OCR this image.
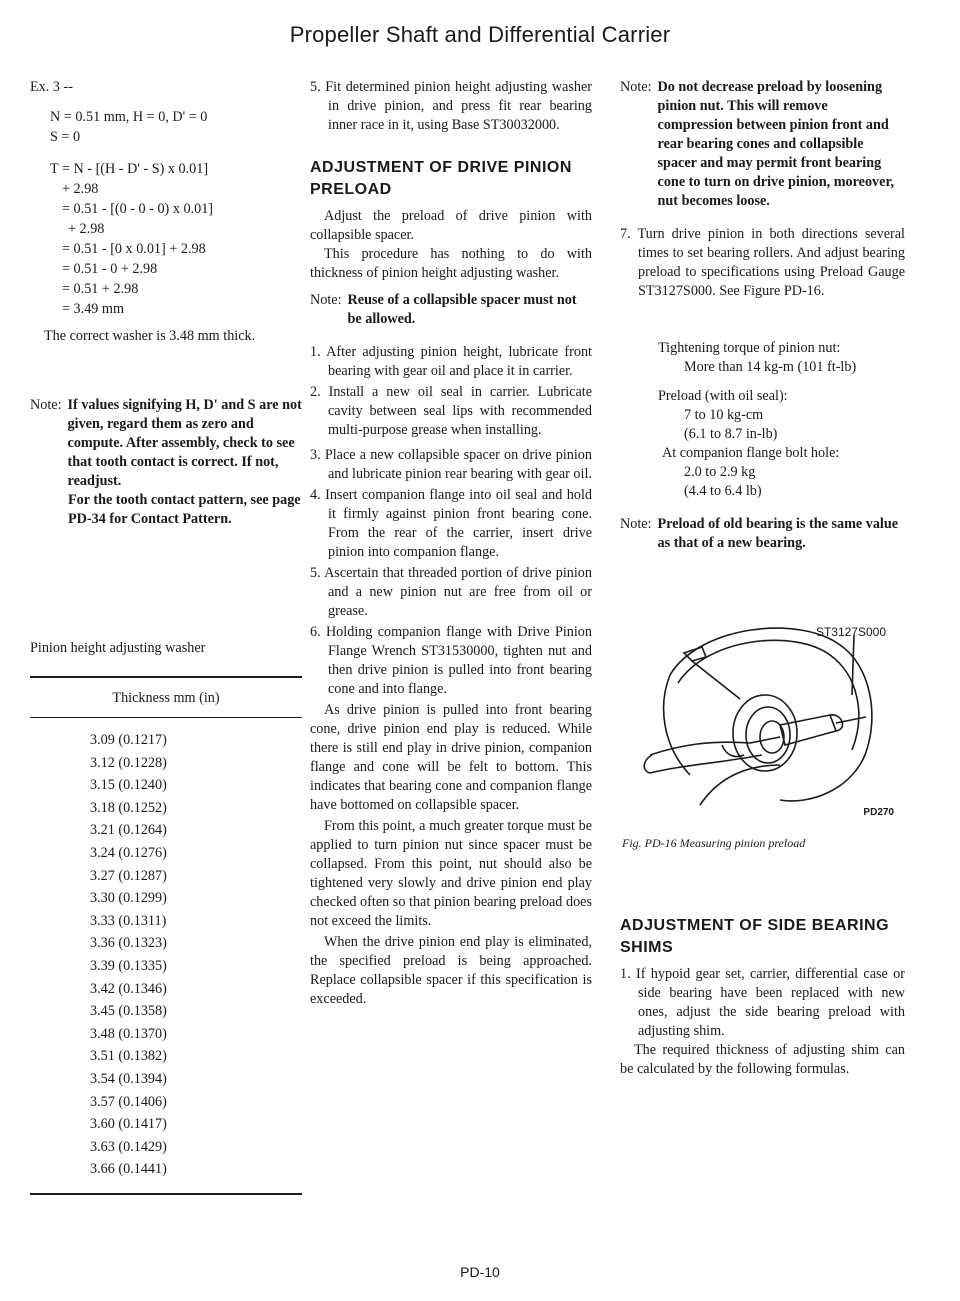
Propeller Shaft and Differential Carrier

Ex. 3 --

N = 0.51 mm, H = 0, D' = 0
S = 0
T = N - [(H - D' - S) x 0.01]
+ 2.98
= 0.51 - [(0 - 0 - 0) x 0.01]
+ 2.98
= 0.51 - [0 x 0.01] + 2.98
= 0.51 - 0 + 2.98
= 0.51 + 2.98
= 3.49 mm

The correct washer is 3.48 mm thick.

Note: If values signifying H, D' and S are not given, regard them as zero and compute. After assembly, check to see that tooth contact is correct. If not, readjust.
For the tooth contact pattern, see page PD-34 for Contact Pattern.

Pinion height adjusting washer

Thickness mm (in)
3.09 (0.1217)
3.12 (0.1228)
3.15 (0.1240)
3.18 (0.1252)
3.21 (0.1264)
3.24 (0.1276)
3.27 (0.1287)
3.30 (0.1299)
3.33 (0.1311)
3.36 (0.1323)
3.39 (0.1335)
3.42 (0.1346)
3.45 (0.1358)
3.48 (0.1370)
3.51 (0.1382)
3.54 (0.1394)
3.57 (0.1406)
3.60 (0.1417)
3.63 (0.1429)
3.66 (0.1441)

5. Fit determined pinion height adjusting washer in drive pinion, and press fit rear bearing inner race in it, using Base ST30032000.

ADJUSTMENT OF DRIVE PINION PRELOAD

Adjust the preload of drive pinion with collapsible spacer.

This procedure has nothing to do with thickness of pinion height adjusting washer.

Note: Reuse of a collapsible spacer must not be allowed.

1. After adjusting pinion height, lubricate front bearing with gear oil and place it in carrier.

2. Install a new oil seal in carrier. Lubricate cavity between seal lips with recommended multi-purpose grease when installing.

3. Place a new collapsible spacer on drive pinion and lubricate pinion rear bearing with gear oil.

4. Insert companion flange into oil seal and hold it firmly against pinion front bearing cone. From the rear of the carrier, insert drive pinion into companion flange.

5. Ascertain that threaded portion of drive pinion and a new pinion nut are free from oil or grease.

6. Holding companion flange with Drive Pinion Flange Wrench ST31530000, tighten nut and then drive pinion is pulled into front bearing cone and into flange.

As drive pinion is pulled into front bearing cone, drive pinion end play is reduced. While there is still end play in drive pinion, companion flange and cone will be felt to bottom. This indicates that bearing cone and companion flange have bottomed on collapsible spacer.

From this point, a much greater torque must be applied to turn pinion nut since spacer must be collapsed. From this point, nut should also be tightened very slowly and drive pinion end play checked often so that pinion bearing preload does not exceed the limits.

When the drive pinion end play is eliminated, the specified preload is being approached. Replace collapsible spacer if this specification is exceeded.

Note: Do not decrease preload by loosening pinion nut. This will remove compression between pinion front and rear bearing cones and collapsible spacer and may permit front bearing cone to turn on drive pinion, moreover, nut becomes loose.

7. Turn drive pinion in both directions several times to set bearing rollers. And adjust bearing preload to specifications using Preload Gauge ST3127S000. See Figure PD-16.

Tightening torque of pinion nut:
More than 14 kg-m (101 ft-lb)
Preload (with oil seal):
7 to 10 kg-cm
(6.1 to 8.7 in-lb)
At companion flange bolt hole:
2.0 to 2.9 kg
(4.4 to 6.4 lb)
Note: Preload of old bearing is the same value as that of a new bearing.
ST3127S000
PD270
Fig. PD-16 Measuring pinion preload
ADJUSTMENT OF SIDE BEARING SHIMS

1. If hypoid gear set, carrier, differential case or side bearing have been replaced with new ones, adjust the side bearing preload with adjusting shim.

The required thickness of adjusting shim can be calculated by the following formulas.

PD-10
